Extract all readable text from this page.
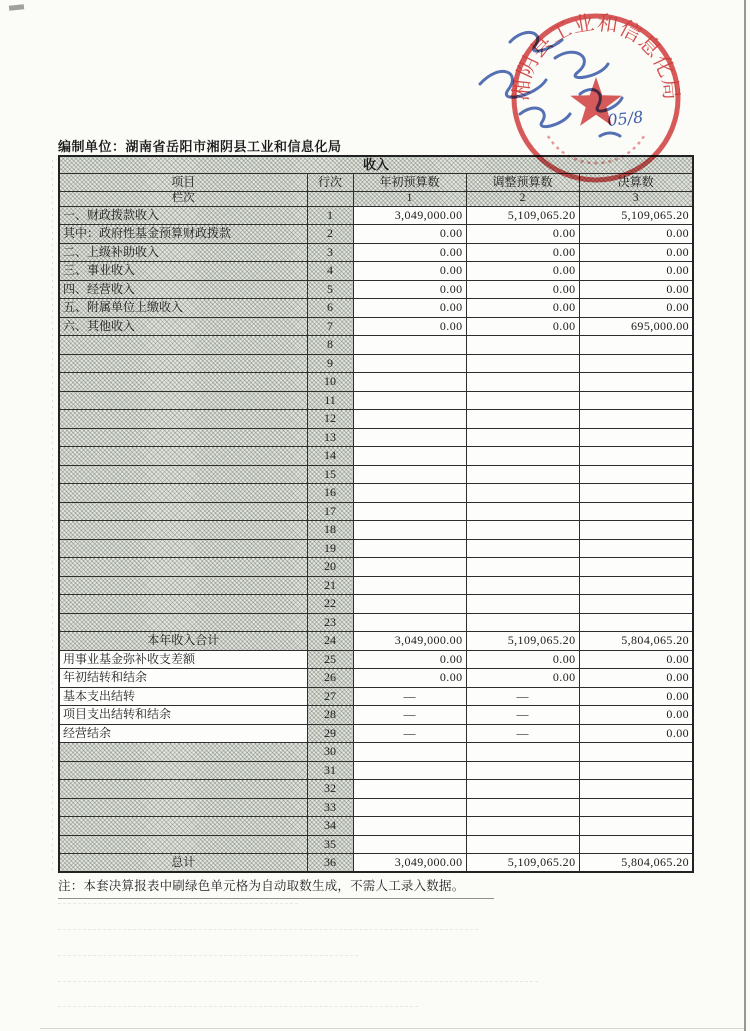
编制单位：湖南省岳阳市湘阴县工业和信息化局
收入				
项目	行次	年初预算数	调整预算数	决算数
栏次		1	2	3
一、财政拨款收入	1	3,049,000.00	5,109,065.20	5,109,065.20
其中：政府性基金预算财政拨款	2	0.00	0.00	0.00
二、上级补助收入	3	0.00	0.00	0.00
三、事业收入	4	0.00	0.00	0.00
四、经营收入	5	0.00	0.00	0.00
五、附属单位上缴收入	6	0.00	0.00	0.00
六、其他收入	7	0.00	0.00	695,000.00
	8			
	9			
	10			
	11			
	12			
	13			
	14			
	15			
	16			
	17			
	18			
	19			
	20			
	21			
	22			
	23			
本年收入合计	24	3,049,000.00	5,109,065.20	5,804,065.20
用事业基金弥补收支差额	25	0.00	0.00	0.00
年初结转和结余	26	0.00	0.00	0.00
基本支出结转	27	—	—	0.00
项目支出结转和结余	28	—	—	0.00
经营结余	29	—	—	0.00
	30			
	31			
	32			
	33			
	34			
	35			
总计	36	3,049,000.00	5,109,065.20	5,804,065.20
注：本套决算报表中刷绿色单元格为自动取数生成，不需人工录入数据。
湘阴县工业和信息化局
05/8
